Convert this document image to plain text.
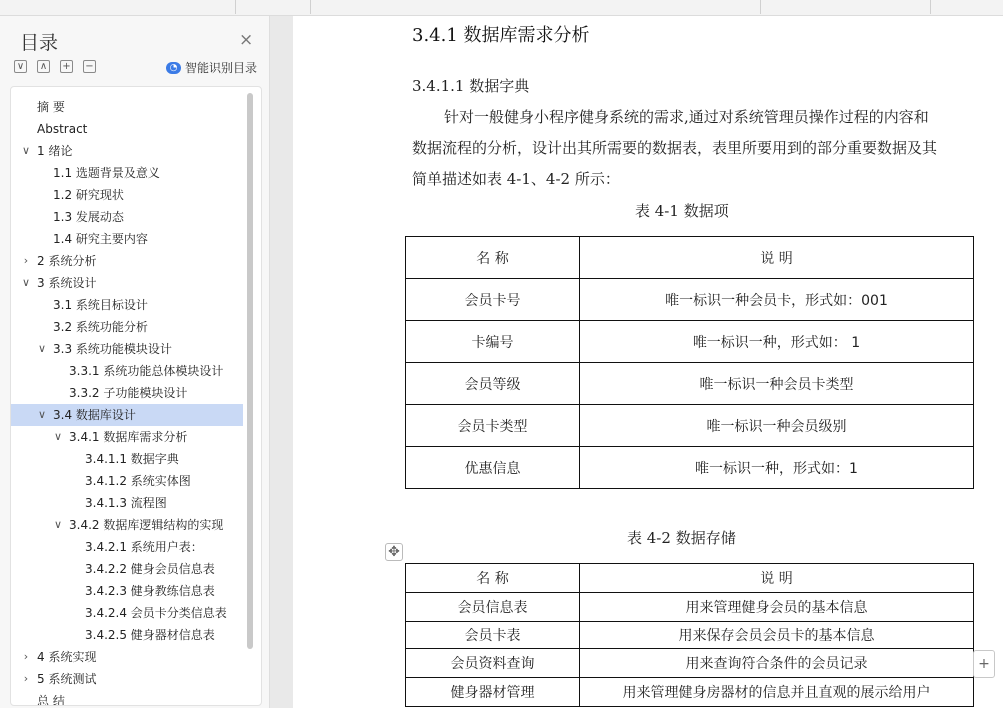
目录	×
∨ ∧ + −	◔ 智能识别目录
摘 要
Abstract
∨ 1 绪论
1.1 选题背景及意义
1.2 研究现状
1.3 发展动态
1.4 研究主要内容
› 2 系统分析
∨ 3 系统设计
3.1 系统目标设计
3.2 系统功能分析
∨ 3.3 系统功能模块设计
3.3.1 系统功能总体模块设计
3.3.2 子功能模块设计
∨ 3.4 数据库设计
∨ 3.4.1 数据库需求分析
3.4.1.1 数据字典
3.4.1.2 系统实体图
3.4.1.3 流程图
∨ 3.4.2 数据库逻辑结构的实现
3.4.2.1 系统用户表：
3.4.2.2 健身会员信息表
3.4.2.3 健身教练信息表
3.4.2.4 会员卡分类信息表
3.4.2.5 健身器材信息表
› 4 系统实现
› 5 系统测试
总 结
3.4.1 数据库需求分析
3.4.1.1 数据字典
针对一般健身小程序健身系统的需求,通过对系统管理员操作过程的内容和
数据流程的分析，设计出其所需要的数据表，表里所要用到的部分重要数据及其
简单描述如表 4-1、4-2 所示：
表 4-1 数据项
名 称	说 明
会员卡号	唯一标识一种会员卡，形式如：001
卡编号	唯一标识一种，形式如： 1
会员等级	唯一标识一种会员卡类型
会员卡类型	唯一标识一种会员级别
优惠信息	唯一标识一种，形式如：1
表 4-2 数据存储
名 称	说 明
会员信息表	用来管理健身会员的基本信息
会员卡表	用来保存会员会员卡的基本信息
会员资料查询	用来查询符合条件的会员记录
健身器材管理	用来管理健身房器材的信息并且直观的展示给用户
✥
+
